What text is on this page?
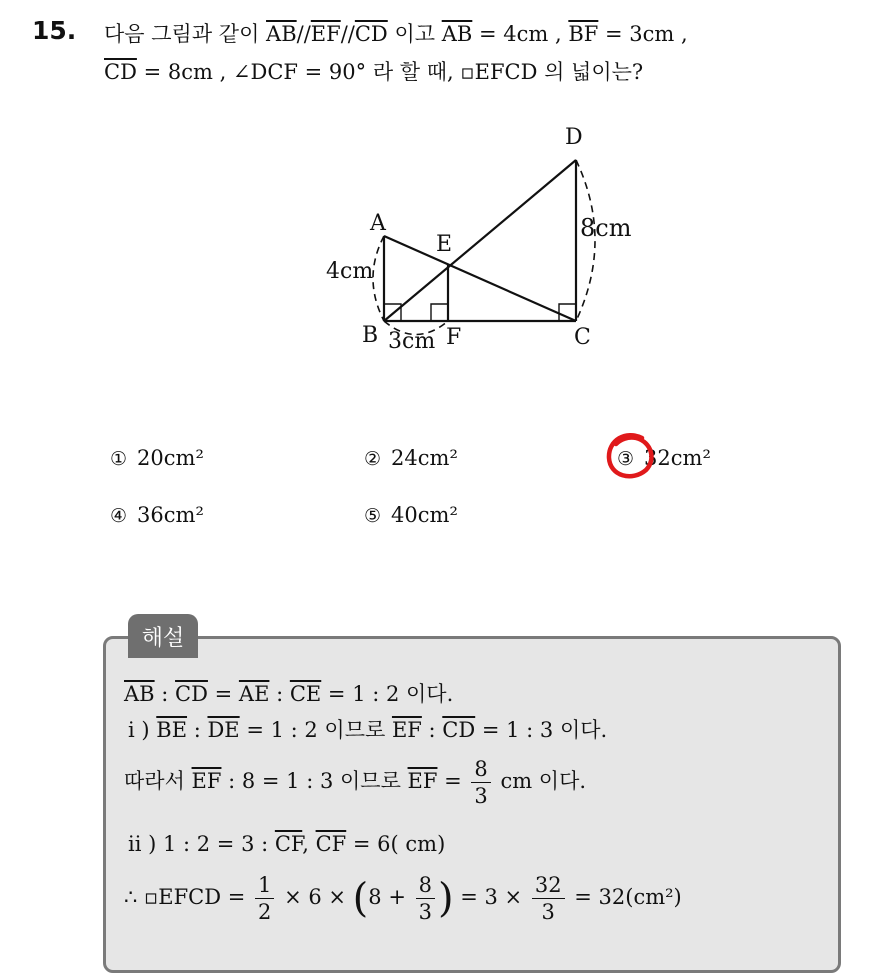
15. 다음 그림과 같이 $\overline{AB}//\overline{EF}//\overline{CD}$ 이고 $\overline{AB} = 4cm$ , $\overline{BF} = 3cm$ ,
$\overline{CD} = 8cm$ , ∠DCF = 90° 라 할 때, ▫EFCD 의 넓이는?
A
B	C
D
E
F
4cm
3cm
8cm
① 20cm²	② 24cm²	③ 32cm²
④ 36cm²	⑤ 40cm²
해설
$\overline{AB}$ : $\overline{CD} = \overline{AE}$ : $\overline{CE} = 1$ : 2 이다.
i ) $\overline{BE}$ : $\overline{DE} = 1$ : 2 이므로 $\overline{EF}$ : $\overline{CD} = 1$ : 3 이다.
따라서 $\overline{EF}$ : 8 = 1 : 3 이므로 $\overline{EF} = \frac{8}{3}$ cm 이다.
ii ) 1 : 2 = 3 : $\overline{CF}$, $\overline{CF} = 6$( cm)
∴ ▫EFCD = $\frac{1}{2} \times 6 \times (8 + \frac{8}{3}$ ) = $3 \times \frac{32}{3} = 32(cm^2)$
